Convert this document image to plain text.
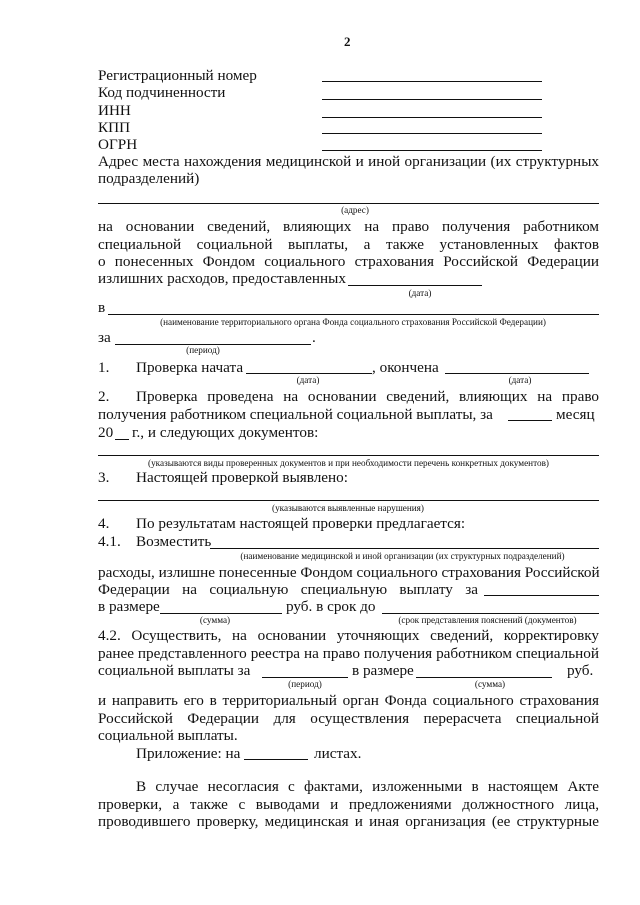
2
Регистрационный номер
Код подчиненности
ИНН
КПП
ОГРН
Адрес места нахождения медицинской и иной организации (их структурных
подразделений)
(адрес)
на основании сведений, влияющих на право получения работником
специальной социальной выплаты, а также установленных фактов
о понесенных Фондом социального страхования Российской Федерации
излишних расходов, предоставленных
(дата)
в
(наименование территориального органа Фонда социального страхования Российской Федерации)
за	.
(период)
1. Проверка начата	, окончена
(дата)	(дата)
2. Проверка проведена на основании сведений, влияющих на право
получения работником специальной социальной выплаты, за	месяц
20 г., и следующих документов:
(указываются виды проверенных документов и при необходимости перечень конкретных документов)
3. Настоящей проверкой выявлено:
(указываются выявленные нарушения)
4. По результатам настоящей проверки предлагается:
4.1. Возместить
(наименование медицинской и иной организации (их структурных подразделений)
расходы, излишне понесенные Фондом социального страхования Российской
Федерации на социальную специальную выплату за
в размере	руб. в срок до
(сумма)	(срок представления пояснений (документов)
4.2. Осуществить, на основании уточняющих сведений, корректировку
ранее представленного реестра на право получения работником специальной
социальной выплаты за	в размере	руб.
(период)	(сумма)
и направить его в территориальный орган Фонда социального страхования
Российской Федерации для осуществления перерасчета специальной
социальной выплаты.
Приложение: на	листах.
В случае несогласия с фактами, изложенными в настоящем Акте
проверки, а также с выводами и предложениями должностного лица,
проводившего проверку, медицинская и иная организация (ее структурные
